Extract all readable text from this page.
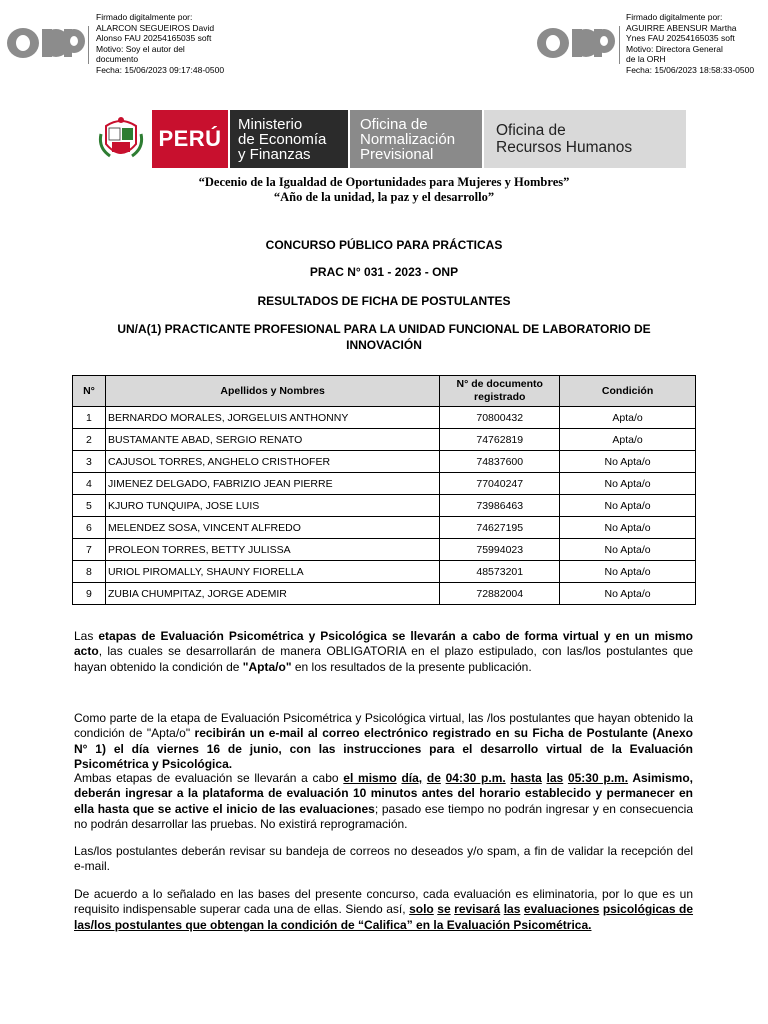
Firmado digitalmente por:
ALARCON SEGUEIROS David
Alonso FAU 20254165035 soft
Motivo: Soy el autor del
documento
Fecha: 15/06/2023 09:17:48-0500
Firmado digitalmente por:
AGUIRRE ABENSUR Martha
Ynes FAU 20254165035 soft
Motivo: Directora General
de la ORH
Fecha: 15/06/2023 18:58:33-0500
PERÚ
Ministerio
de Economía
y Finanzas
Oficina de
Normalización
Previsional
Oficina de
Recursos Humanos
“Decenio de la Igualdad de Oportunidades para Mujeres y Hombres”
“Año de la unidad, la paz y el desarrollo”
CONCURSO PÚBLICO PARA PRÁCTICAS
PRAC N° 031 - 2023 - ONP
RESULTADOS DE FICHA DE POSTULANTES
UN/A(1) PRACTICANTE PROFESIONAL PARA LA UNIDAD FUNCIONAL DE LABORATORIO DE
INNOVACIÓN
N°	Apellidos y Nombres	N° de documento registrado	Condición
1	BERNARDO MORALES, JORGELUIS ANTHONNY	70800432	Apta/o
2	BUSTAMANTE ABAD, SERGIO RENATO	74762819	Apta/o
3	CAJUSOL TORRES, ANGHELO CRISTHOFER	74837600	No Apta/o
4	JIMENEZ DELGADO, FABRIZIO JEAN PIERRE	77040247	No Apta/o
5	KJURO TUNQUIPA, JOSE LUIS	73986463	No Apta/o
6	MELENDEZ SOSA, VINCENT ALFREDO	74627195	No Apta/o
7	PROLEON TORRES, BETTY JULISSA	75994023	No Apta/o
8	URIOL PIROMALLY, SHAUNY FIORELLA	48573201	No Apta/o
9	ZUBIA CHUMPITAZ, JORGE ADEMIR	72882004	No Apta/o
Las etapas de Evaluación Psicométrica y Psicológica se llevarán a cabo de forma virtual y en un mismo acto, las cuales se desarrollarán de manera OBLIGATORIA en el plazo estipulado, con las/los postulantes que hayan obtenido la condición de "Apta/o" en los resultados de la presente publicación.
Como parte de la etapa de Evaluación Psicométrica y Psicológica virtual, las /los postulantes que hayan obtenido la condición de "Apta/o" recibirán un e-mail al correo electrónico registrado en su Ficha de Postulante (Anexo N° 1) el día viernes 16 de junio, con las instrucciones para el desarrollo virtual de la Evaluación Psicométrica y Psicológica.
Ambas etapas de evaluación se llevarán a cabo el mismo día, de 04:30 p.m. hasta las 05:30 p.m. Asimismo, deberán ingresar a la plataforma de evaluación 10 minutos antes del horario establecido y permanecer en ella hasta que se active el inicio de las evaluaciones; pasado ese tiempo no podrán ingresar y en consecuencia no podrán desarrollar las pruebas. No existirá reprogramación.
Las/los postulantes deberán revisar su bandeja de correos no deseados y/o spam, a fin de validar la recepción del e-mail.
De acuerdo a lo señalado en las bases del presente concurso, cada evaluación es eliminatoria, por lo que es un requisito indispensable superar cada una de ellas. Siendo así, solo se revisará las evaluaciones psicológicas de las/los postulantes que obtengan la condición de “Califica” en la Evaluación Psicométrica.
